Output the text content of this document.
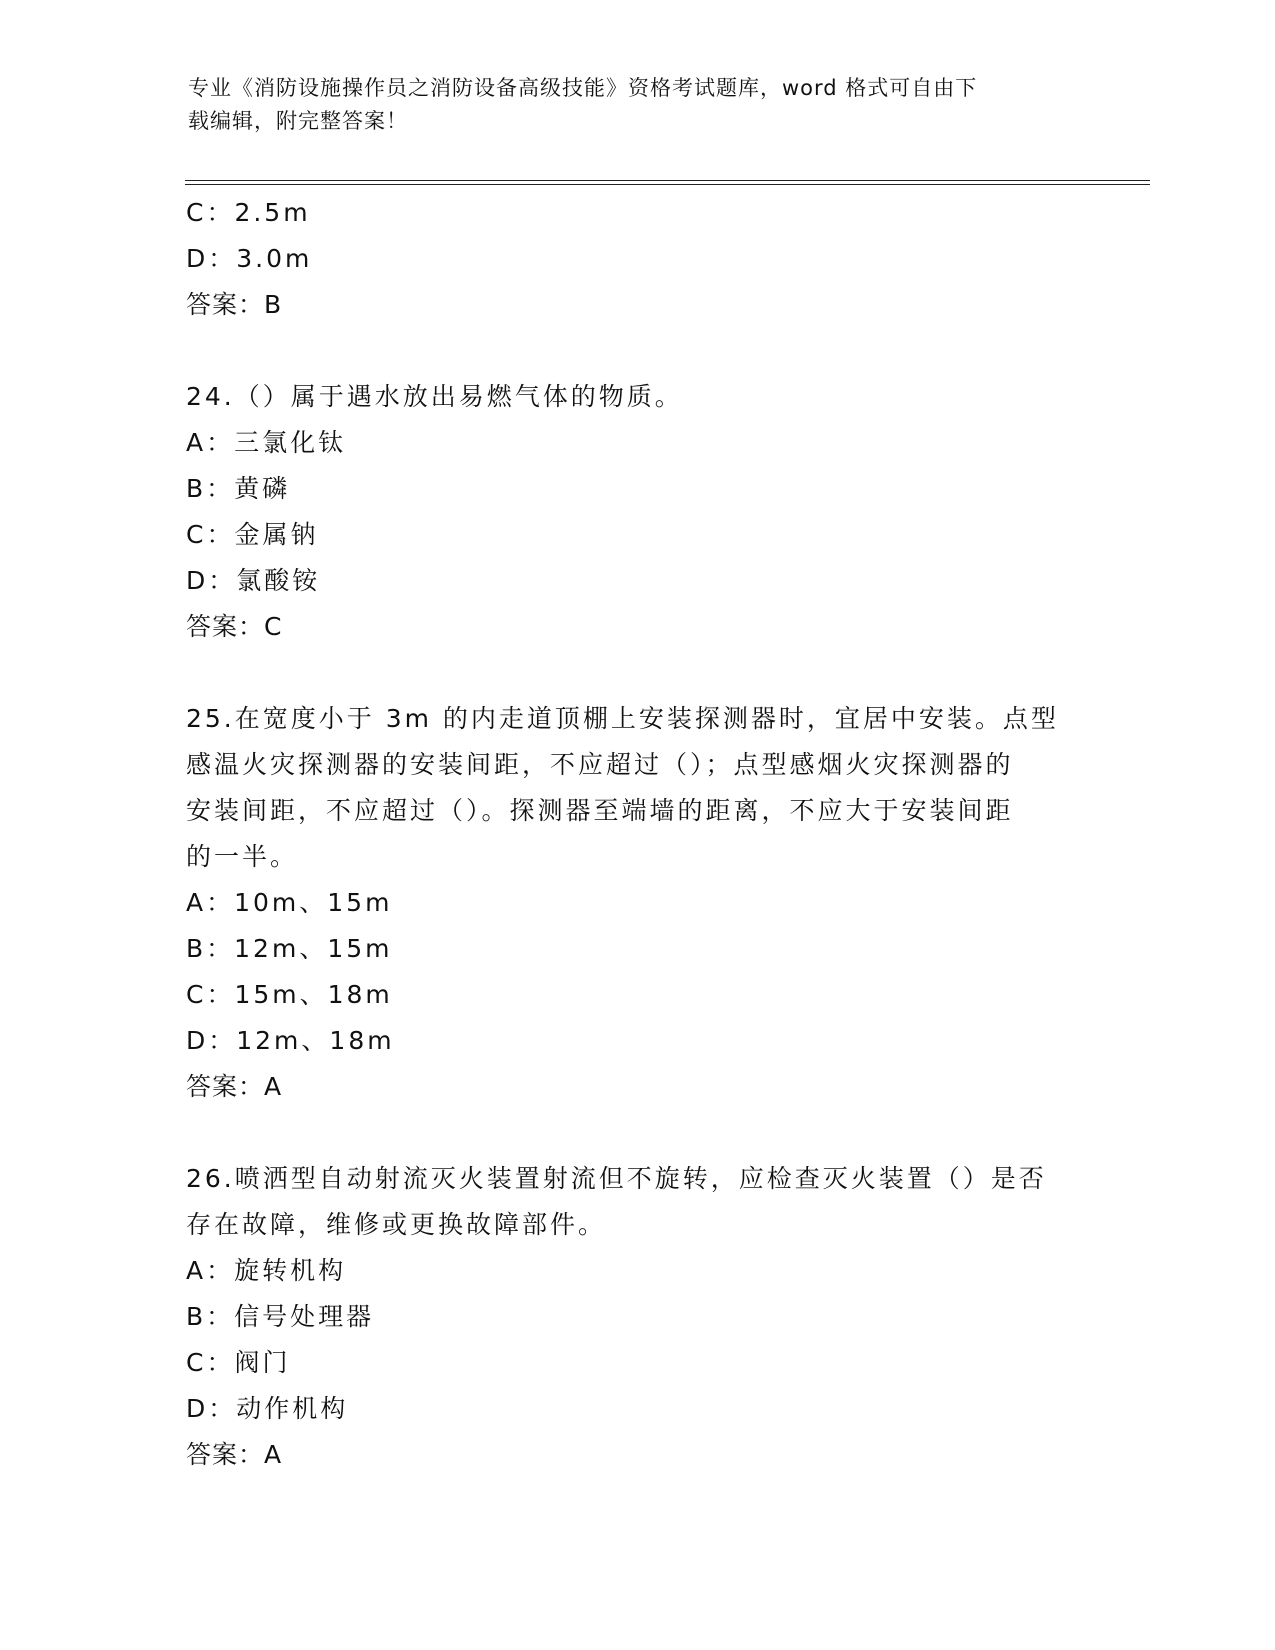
专业《消防设施操作员之消防设备高级技能》资格考试题库，word 格式可自由下
载编辑，附完整答案！
C：2.5m
D：3.0m
答案：B
24.（）属于遇水放出易燃气体的物质。
A：三氯化钛
B：黄磷
C：金属钠
D：氯酸铵
答案：C
25.在宽度小于 3m 的内走道顶棚上安装探测器时，宜居中安装。点型
感温火灾探测器的安装间距，不应超过（）；点型感烟火灾探测器的
安装间距，不应超过（）。探测器至端墙的距离，不应大于安装间距
的一半。
A：10m、15m
B：12m、15m
C：15m、18m
D：12m、18m
答案：A
26.喷洒型自动射流灭火装置射流但不旋转，应检查灭火装置（）是否
存在故障，维修或更换故障部件。
A：旋转机构
B：信号处理器
C：阀门
D：动作机构
答案：A
